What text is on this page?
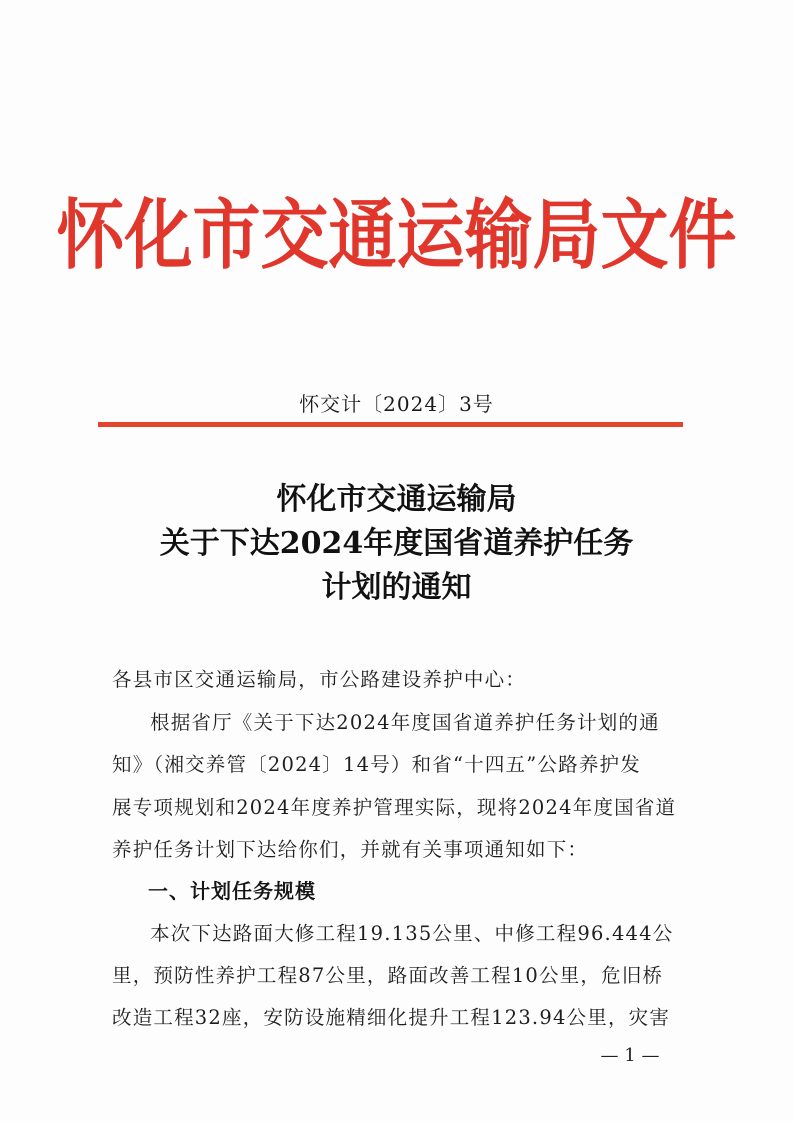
怀化市交通运输局文件
怀交计〔2024〕3号
怀化市交通运输局
关于下达2024年度国省道养护任务
计划的通知
各县市区交通运输局，市公路建设养护中心：
根据省厅《关于下达2024年度国省道养护任务计划的通
知》（湘交养管〔2024〕14号）和省“十四五”公路养护发
展专项规划和2024年度养护管理实际，现将2024年度国省道
养护任务计划下达给你们，并就有关事项通知如下：
一、计划任务规模
本次下达路面大修工程19.135公里、中修工程96.444公
里，预防性养护工程87公里，路面改善工程10公里，危旧桥
改造工程32座，安防设施精细化提升工程123.94公里，灾害
— 1 —
